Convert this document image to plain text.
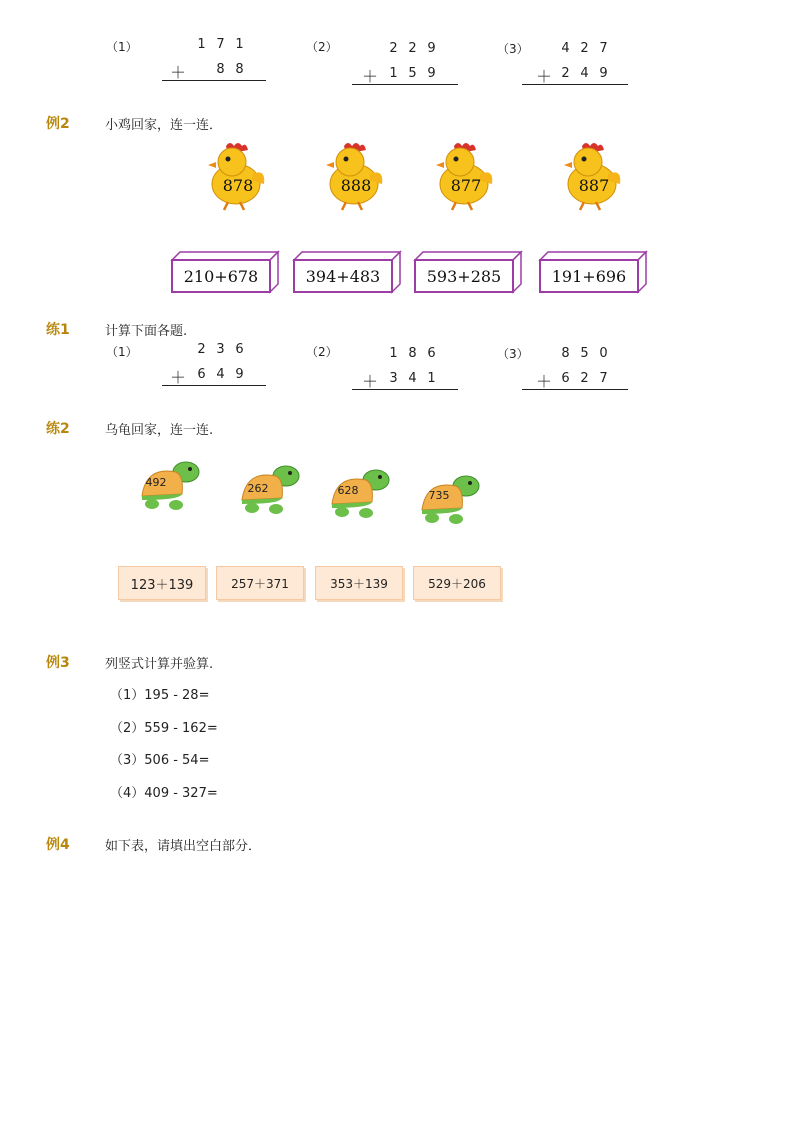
（1）	1 7 1
＋	8 8
（2）	2 2 9
＋ 1 5 9
（3）	4 2 7
＋ 2 4 9
例2	小鸡回家，连一连．
878	888	877	887
210+678	394+483	593+285	191+696
练1	计算下面各题.
（1）	2 3 6
＋ 6 4 9
（2）	1 8 6
＋ 3 4 1
（3）	8 5 0
＋ 6 2 7
练2	乌龟回家，连一连.
492	262	628	735
123＋139	257＋371	353＋139	529＋206
例3	列竖式计算并验算.
（1）195 - 28=
（2）559 - 162=
（3）506 - 54=
（4）409 - 327=
例4	如下表，请填出空白部分．
